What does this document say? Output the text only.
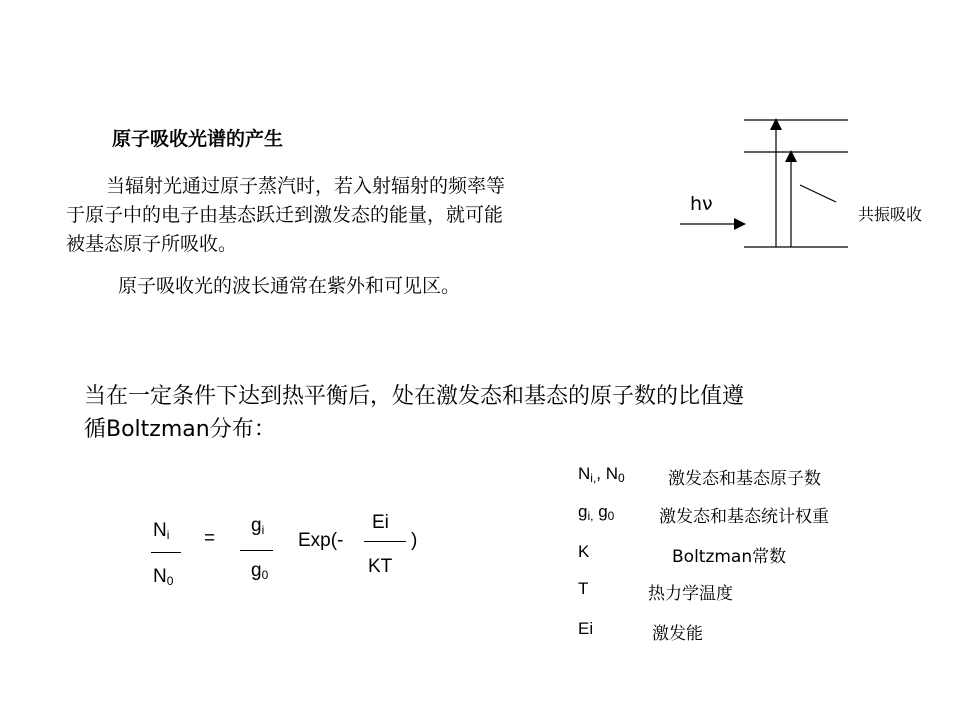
原子吸收光谱的产生
当辐射光通过原子蒸汽时，若入射辐射的频率等
于原子中的电子由基态跃迁到激发态的能量，就可能
被基态原子所吸收。
原子吸收光的波长通常在紫外和可见区。
hν	共振吸收
当在一定条件下达到热平衡后，处在激发态和基态的原子数的比值遵
循Boltzman分布：
$N_i$
$N_0$
=
$g_i$
$g_0$
Exp(-
Ei
KT
)
$N_{i,}$, $N_0$	激发态和基态原子数
$g_{i,}$ $g_0$	激发态和基态统计权重
K	Boltzman常数
T	热力学温度
Ei	激发能
